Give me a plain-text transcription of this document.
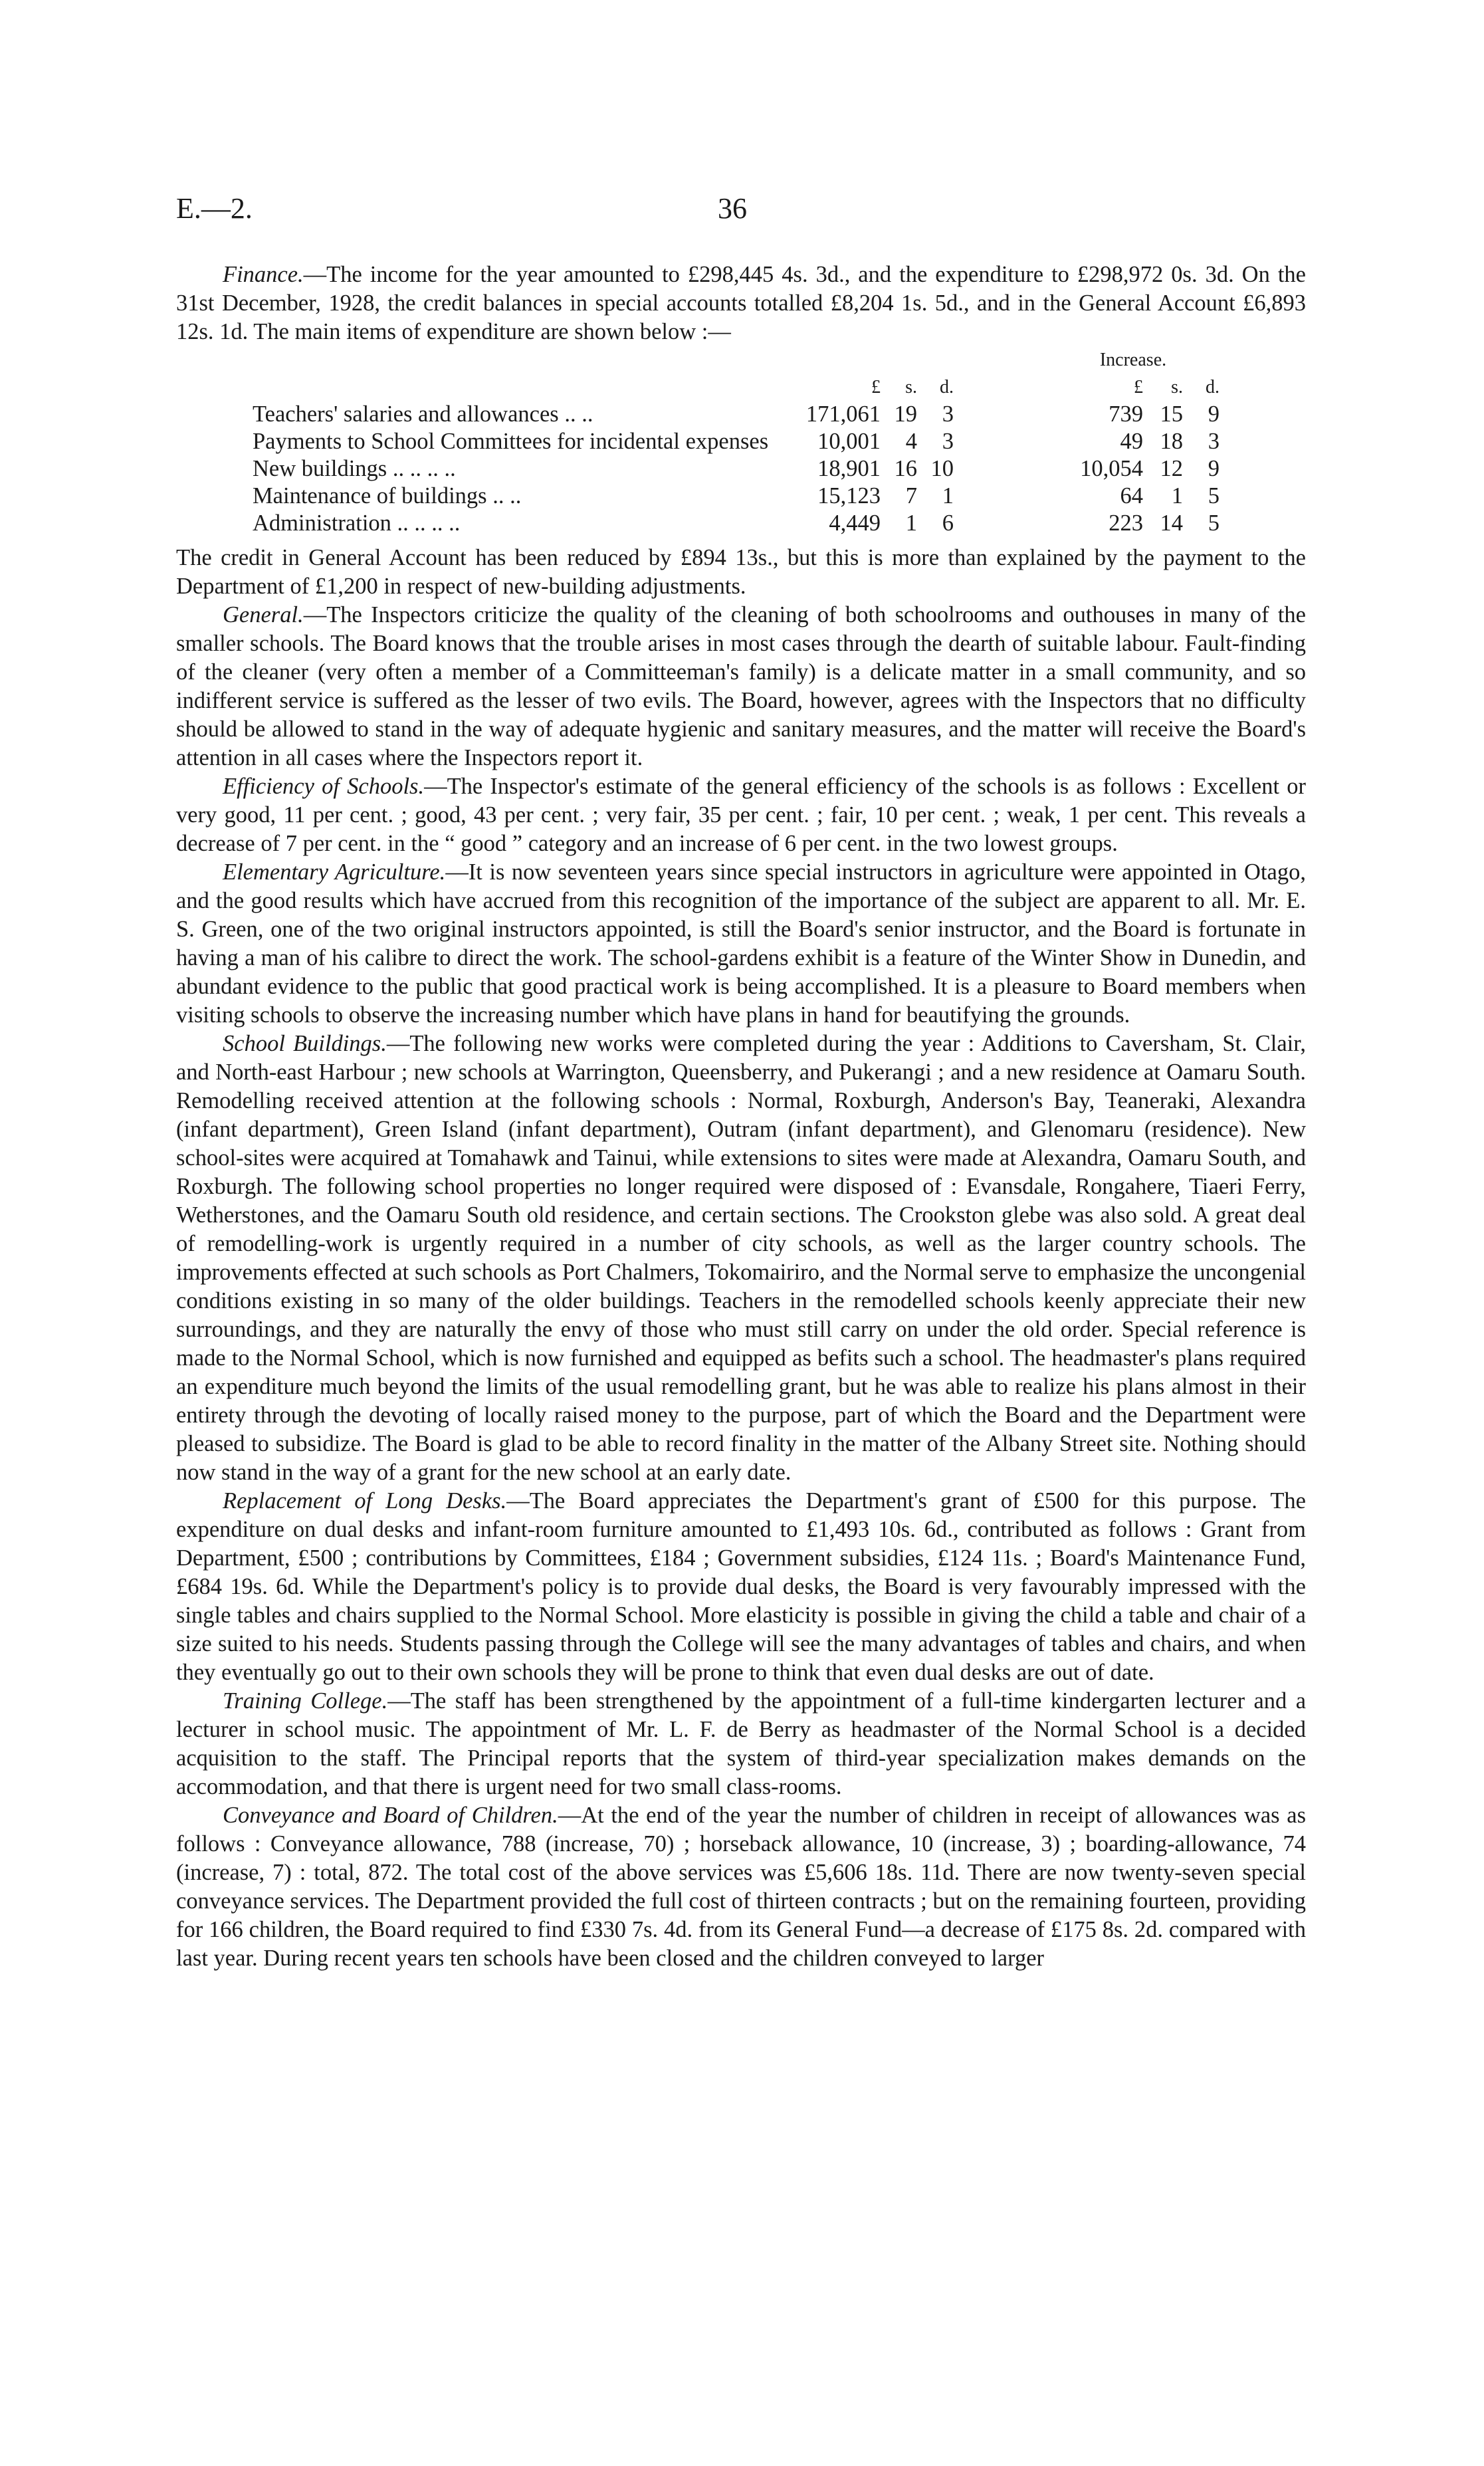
E.—2.	36

Finance.—The income for the year amounted to £298,445 4s. 3d., and the expenditure to £298,972 0s. 3d. On the 31st December, 1928, the credit balances in special accounts totalled £8,204 1s. 5d., and in the General Account £6,893 12s. 1d. The main items of expenditure are shown below :—

					Increase.		
	£	s.	d.		£	s.	d.
Teachers' salaries and allowances .. ..	171,061	19	3		739	15	9
Payments to School Committees for incidental expenses	10,001	4	3		49	18	3
New buildings .. .. .. ..	18,901	16	10		10,054	12	9
Maintenance of buildings .. ..	15,123	7	1		64	1	5
Administration .. .. .. ..	4,449	1	6		223	14	5

The credit in General Account has been reduced by £894 13s., but this is more than explained by the payment to the Department of £1,200 in respect of new-building adjustments.

General.—The Inspectors criticize the quality of the cleaning of both schoolrooms and outhouses in many of the smaller schools. The Board knows that the trouble arises in most cases through the dearth of suitable labour. Fault-finding of the cleaner (very often a member of a Committeeman's family) is a delicate matter in a small community, and so indifferent service is suffered as the lesser of two evils. The Board, however, agrees with the Inspectors that no difficulty should be allowed to stand in the way of adequate hygienic and sanitary measures, and the matter will receive the Board's attention in all cases where the Inspectors report it.

Efficiency of Schools.—The Inspector's estimate of the general efficiency of the schools is as follows : Excellent or very good, 11 per cent. ; good, 43 per cent. ; very fair, 35 per cent. ; fair, 10 per cent. ; weak, 1 per cent. This reveals a decrease of 7 per cent. in the “ good ” category and an increase of 6 per cent. in the two lowest groups.

Elementary Agriculture.—It is now seventeen years since special instructors in agriculture were appointed in Otago, and the good results which have accrued from this recognition of the importance of the subject are apparent to all. Mr. E. S. Green, one of the two original instructors appointed, is still the Board's senior instructor, and the Board is fortunate in having a man of his calibre to direct the work. The school-gardens exhibit is a feature of the Winter Show in Dunedin, and abundant evidence to the public that good practical work is being accomplished. It is a pleasure to Board members when visiting schools to observe the increasing number which have plans in hand for beautifying the grounds.

School Buildings.—The following new works were completed during the year : Additions to Caversham, St. Clair, and North-east Harbour ; new schools at Warrington, Queensberry, and Pukerangi ; and a new residence at Oamaru South. Remodelling received attention at the following schools : Normal, Roxburgh, Anderson's Bay, Teaneraki, Alexandra (infant department), Green Island (infant department), Outram (infant department), and Glenomaru (residence). New school-sites were acquired at Tomahawk and Tainui, while extensions to sites were made at Alexandra, Oamaru South, and Roxburgh. The following school properties no longer required were disposed of : Evansdale, Rongahere, Tiaeri Ferry, Wetherstones, and the Oamaru South old residence, and certain sections. The Crookston glebe was also sold. A great deal of remodelling-work is urgently required in a number of city schools, as well as the larger country schools. The improvements effected at such schools as Port Chalmers, Tokomairiro, and the Normal serve to emphasize the uncongenial conditions existing in so many of the older buildings. Teachers in the remodelled schools keenly appreciate their new surroundings, and they are naturally the envy of those who must still carry on under the old order. Special reference is made to the Normal School, which is now furnished and equipped as befits such a school. The headmaster's plans required an expenditure much beyond the limits of the usual remodelling grant, but he was able to realize his plans almost in their entirety through the devoting of locally raised money to the purpose, part of which the Board and the Department were pleased to subsidize. The Board is glad to be able to record finality in the matter of the Albany Street site. Nothing should now stand in the way of a grant for the new school at an early date.

Replacement of Long Desks.—The Board appreciates the Department's grant of £500 for this purpose. The expenditure on dual desks and infant-room furniture amounted to £1,493 10s. 6d., contributed as follows : Grant from Department, £500 ; contributions by Committees, £184 ; Government subsidies, £124 11s. ; Board's Maintenance Fund, £684 19s. 6d. While the Department's policy is to provide dual desks, the Board is very favourably impressed with the single tables and chairs supplied to the Normal School. More elasticity is possible in giving the child a table and chair of a size suited to his needs. Students passing through the College will see the many advantages of tables and chairs, and when they eventually go out to their own schools they will be prone to think that even dual desks are out of date.

Training College.—The staff has been strengthened by the appointment of a full-time kindergarten lecturer and a lecturer in school music. The appointment of Mr. L. F. de Berry as headmaster of the Normal School is a decided acquisition to the staff. The Principal reports that the system of third-year specialization makes demands on the accommodation, and that there is urgent need for two small class-rooms.

Conveyance and Board of Children.—At the end of the year the number of children in receipt of allowances was as follows : Conveyance allowance, 788 (increase, 70) ; horseback allowance, 10 (increase, 3) ; boarding-allowance, 74 (increase, 7) : total, 872. The total cost of the above services was £5,606 18s. 11d. There are now twenty-seven special conveyance services. The Department provided the full cost of thirteen contracts ; but on the remaining fourteen, providing for 166 children, the Board required to find £330 7s. 4d. from its General Fund—a decrease of £175 8s. 2d. compared with last year. During recent years ten schools have been closed and the children conveyed to larger
